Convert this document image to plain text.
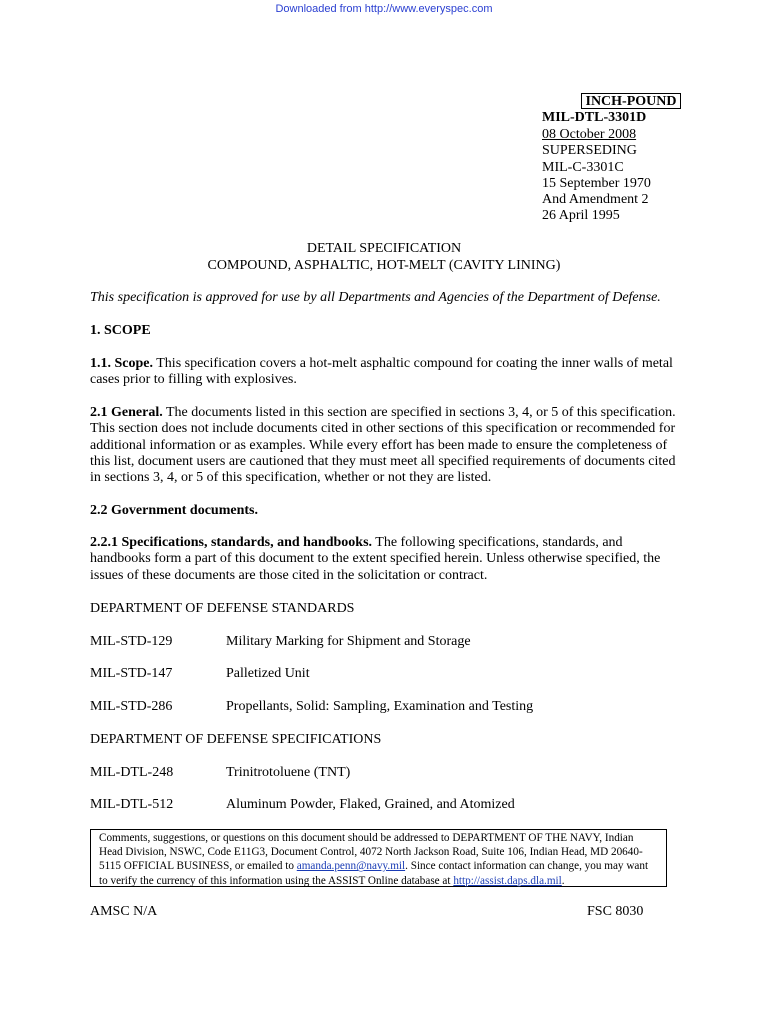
Downloaded from http://www.everyspec.com
INCH-POUND
MIL-DTL-3301D
08 October 2008
SUPERSEDING
MIL-C-3301C
15 September 1970
And Amendment 2
26 April 1995
DETAIL SPECIFICATION
COMPOUND, ASPHALTIC, HOT-MELT (CAVITY LINING)
This specification is approved for use by all Departments and Agencies of the Department of Defense.
1. SCOPE
1.1. Scope. This specification covers a hot-melt asphaltic compound for coating the inner walls of metal cases prior to filling with explosives.
2.1 General. The documents listed in this section are specified in sections 3, 4, or 5 of this specification. This section does not include documents cited in other sections of this specification or recommended for additional information or as examples. While every effort has been made to ensure the completeness of this list, document users are cautioned that they must meet all specified requirements of documents cited in sections 3, 4, or 5 of this specification, whether or not they are listed.
2.2 Government documents.
2.2.1 Specifications, standards, and handbooks. The following specifications, standards, and handbooks form a part of this document to the extent specified herein. Unless otherwise specified, the issues of these documents are those cited in the solicitation or contract.
DEPARTMENT OF DEFENSE STANDARDS
MIL-STD-129	Military Marking for Shipment and Storage
MIL-STD-147	Palletized Unit
MIL-STD-286	Propellants, Solid: Sampling, Examination and Testing
DEPARTMENT OF DEFENSE SPECIFICATIONS
MIL-DTL-248	Trinitrotoluene (TNT)
MIL-DTL-512	Aluminum Powder, Flaked, Grained, and Atomized
Comments, suggestions, or questions on this document should be addressed to DEPARTMENT OF THE NAVY, Indian Head Division, NSWC, Code E11G3, Document Control, 4072 North Jackson Road, Suite 106, Indian Head, MD 20640-5115 OFFICIAL BUSINESS, or emailed to amanda.penn@navy.mil. Since contact information can change, you may want to verify the currency of this information using the ASSIST Online database at http://assist.daps.dla.mil.
AMSC N/A	FSC 8030
